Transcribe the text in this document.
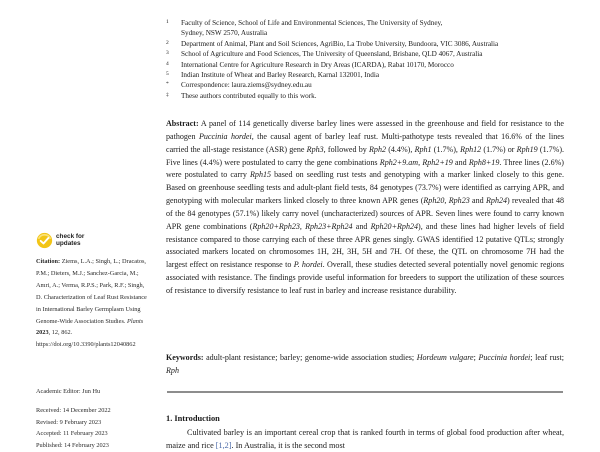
1 Faculty of Science, School of Life and Environmental Sciences, The University of Sydney,
Sydney, NSW 2570, Australia
2 Department of Animal, Plant and Soil Sciences, AgriBio, La Trobe University, Bundoora, VIC 3086, Australia
3 School of Agriculture and Food Sciences, The University of Queensland, Brisbane, QLD 4067, Australia
4 International Centre for Agriculture Research in Dry Areas (ICARDA), Rabat 10170, Morocco
5 Indian Institute of Wheat and Barley Research, Karnal 132001, India
* Correspondence: laura.ziems@sydney.edu.au
‡ These authors contributed equally to this work.

Abstract: A panel of 114 genetically diverse barley lines were assessed in the greenhouse and field for resistance to the pathogen Puccinia hordei, the causal agent of barley leaf rust. Multi-pathotype tests revealed that 16.6% of the lines carried the all-stage resistance (ASR) gene Rph3, followed by Rph2 (4.4%), Rph1 (1.7%), Rph12 (1.7%) or Rph19 (1.7%). Five lines (4.4%) were postulated to carry the gene combinations Rph2+9.am, Rph2+19 and Rph8+19. Three lines (2.6%) were postulated to carry Rph15 based on seedling rust tests and genotyping with a marker linked closely to this gene. Based on greenhouse seedling tests and adult-plant field tests, 84 genotypes (73.7%) were identified as carrying APR, and genotyping with molecular markers linked closely to three known APR genes (Rph20, Rph23 and Rph24) revealed that 48 of the 84 genotypes (57.1%) likely carry novel (uncharacterized) sources of APR. Seven lines were found to carry known APR gene combinations (Rph20+Rph23, Rph23+Rph24 and Rph20+Rph24), and these lines had higher levels of field resistance compared to those carrying each of these three APR genes singly. GWAS identified 12 putative QTLs; strongly associated markers located on chromosomes 1H, 2H, 3H, 5H and 7H. Of these, the QTL on chromosome 7H had the largest effect on resistance response to P. hordei. Overall, these studies detected several potentially novel genomic regions associated with resistance. The findings provide useful information for breeders to support the utilization of these sources of resistance to diversify resistance to leaf rust in barley and increase resistance durability.

Keywords: adult-plant resistance; barley; genome-wide association studies; Hordeum vulgare; Puccinia hordei; leaf rust; Rph
1. Introduction
Cultivated barley is an important cereal crop that is ranked fourth in terms of global food production after wheat, maize and rice [1,2]. In Australia, it is the second most
check for
updates
Citation: Ziems, L.A.; Singh, L.; Dracatos, P.M.; Dieters, M.J.; Sanchez-Garcia, M.; Amri, A.; Verma, R.P.S.; Park, R.F.; Singh, D. Characterization of Leaf Rust Resistance in International Barley Germplasm Using Genome-Wide Association Studies. Plants 2023, 12, 862. https://doi.org/10.3390/plants12040862
Academic Editor: Jun Hu
Received: 14 December 2022
Revised: 9 February 2023
Accepted: 11 February 2023
Published: 14 February 2023
